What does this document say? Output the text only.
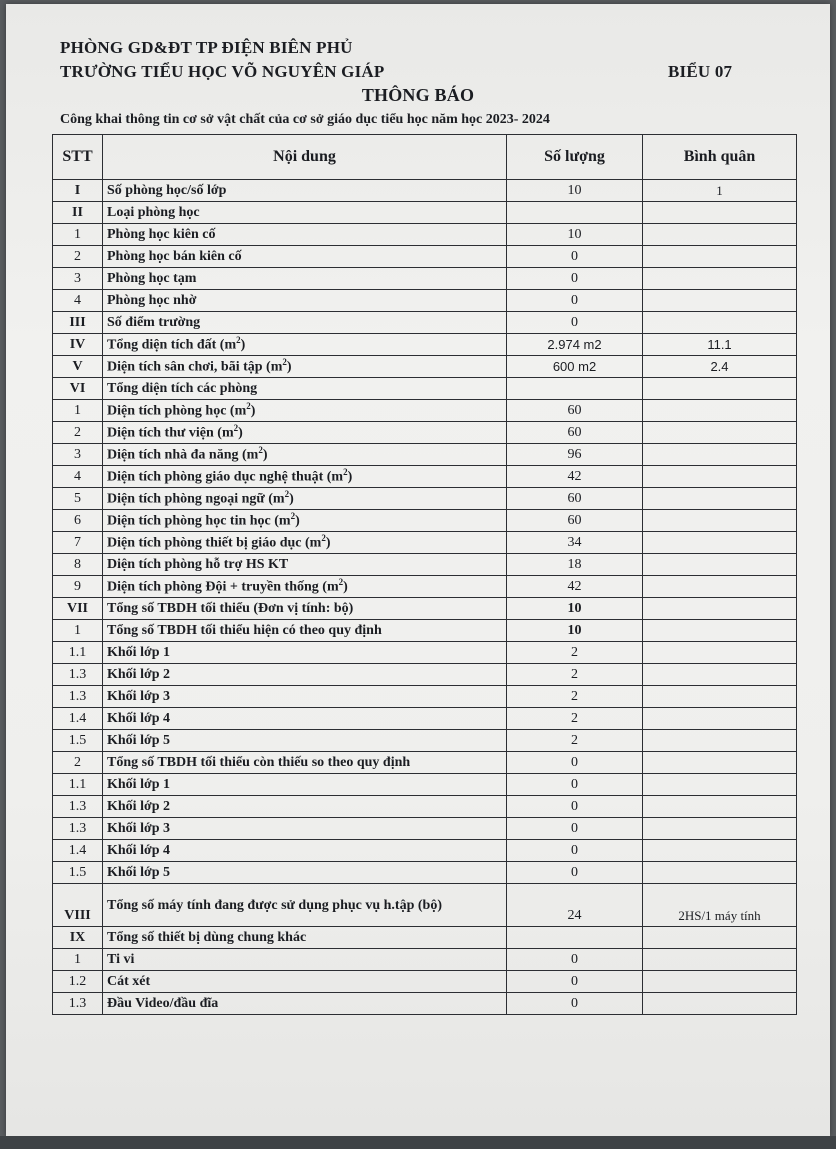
PHÒNG GD&ĐT TP ĐIỆN BIÊN PHỦ
TRƯỜNG TIỂU HỌC VÕ NGUYÊN GIÁP	BIỂU 07
THÔNG BÁO
Công khai thông tin cơ sở vật chất của cơ sở giáo dục tiểu học năm học 2023- 2024
STT	Nội dung	Số lượng	Bình quân
I	Số phòng học/số lớp	10	1
II	Loại phòng học		
1	Phòng học kiên cố	10	
2	Phòng học bán kiên cố	0	
3	Phòng học tạm	0	
4	Phòng học nhờ	0	
III	Số điểm trường	0	
IV	Tổng diện tích đất $(m^2)$	2.974 m2	11.1
V	Diện tích sân chơi, bãi tập $(m^2)$	600 m2	2.4
VI	Tổng diện tích các phòng		
1	Diện tích phòng học $(m^2)$	60	
2	Diện tích thư viện $(m^2)$	60	
3	Diện tích nhà đa năng $(m^2)$	96	
4	Diện tích phòng giáo dục nghệ thuật $(m^2)$	42	
5	Diện tích phòng ngoại ngữ $(m^2)$	60	
6	Diện tích phòng học tin học $(m^2)$	60	
7	Diện tích phòng thiết bị giáo dục $(m^2)$	34	
8	Diện tích phòng hỗ trợ HS KT	18	
9	Diện tích phòng Đội + truyền thống $(m^2)$	42	
VII	Tổng số TBDH tối thiểu (Đơn vị tính: bộ)	10	
1	Tổng số TBDH tối thiểu hiện có theo quy định	10	
1.1	Khối lớp 1	2	
1.3	Khối lớp 2	2	
1.3	Khối lớp 3	2	
1.4	Khối lớp 4	2	
1.5	Khối lớp 5	2	
2	Tổng số TBDH tối thiểu còn thiếu so theo quy định	0	
1.1	Khối lớp 1	0	
1.3	Khối lớp 2	0	
1.3	Khối lớp 3	0	
1.4	Khối lớp 4	0	
1.5	Khối lớp 5	0	
VIII	Tổng số máy tính đang được sử dụng phục vụ h.tập (bộ)	24	2HS/1 máy tính
IX	Tổng số thiết bị dùng chung khác		
1	Ti vi	0	
1.2	Cát xét	0	
1.3	Đầu Video/đầu đĩa	0	
